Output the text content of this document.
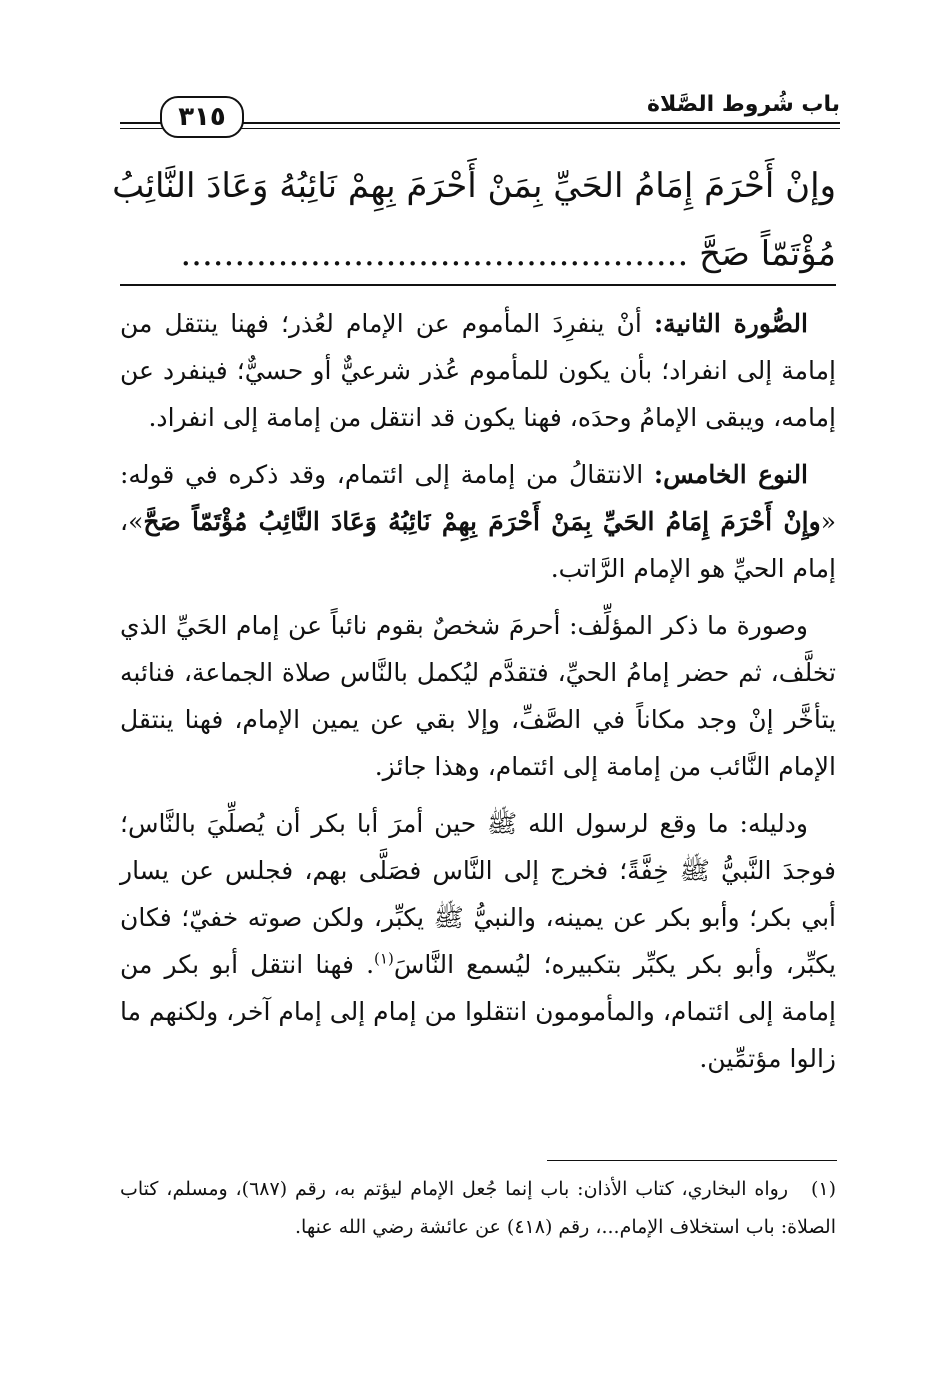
باب شُروط الصَّلاة
٣١٥
وإنْ أَحْرَمَ إِمَامُ الحَيِّ بِمَنْ أَحْرَمَ بِهِمْ نَائِبُهُ وَعَادَ النَّائِبُ
مُؤْتَمّاً صَحَّ ...............................................

الصُّورة الثانية: أنْ ينفرِدَ المأموم عن الإمام لعُذر؛ فهنا ينتقل من إمامة إلى انفراد؛ بأن يكون للمأموم عُذر شرعيٌّ أو حسيٌّ؛ فينفرد عن إمامه، ويبقى الإمامُ وحدَه، فهنا يكون قد انتقل من إمامة إلى انفراد.

النوع الخامس: الانتقالُ من إمامة إلى ائتمام، وقد ذكره في قوله: «وإِنْ أَحْرَمَ إِمَامُ الحَيِّ بِمَنْ أَحْرَمَ بِهِمْ نَائِبُهُ وَعَادَ النَّائِبُ مُؤْتَمّاً صَحَّ»، إمام الحيِّ هو الإمام الرَّاتب.

وصورة ما ذكر المؤلِّف: أحرمَ شخصٌ بقوم نائباً عن إمام الحَيِّ الذي تخلَّف، ثم حضر إمامُ الحيِّ، فتقدَّم ليُكمل بالنَّاس صلاة الجماعة، فنائبه يتأخَّر إنْ وجد مكاناً في الصَّفِّ، وإلا بقي عن يمين الإمام، فهنا ينتقل الإمام النَّائب من إمامة إلى ائتمام، وهذا جائز.

ودليله: ما وقع لرسول الله ﷺ حين أمرَ أبا بكر أن يُصلِّيَ بالنَّاس؛ فوجدَ النَّبيُّ ﷺ خِفَّةً؛ فخرج إلى النَّاس فصَلَّى بهم، فجلس عن يسار أبي بكر؛ وأبو بكر عن يمينه، والنبيُّ ﷺ يكبِّر، ولكن صوته خفيّ؛ فكان يكبِّر، وأبو بكر يكبِّر بتكبيره؛ ليُسمع النَّاسَ$^{(١)}$. فهنا انتقل أبو بكر من إمامة إلى ائتمام، والمأمومون انتقلوا من إمام إلى إمام آخر، ولكنهم ما زالوا مؤتمِّين.

(١)رواه البخاري، كتاب الأذان: باب إنما جُعل الإمام ليؤتم به، رقم (٦٨٧)، ومسلم، كتاب الصلاة: باب استخلاف الإمام...، رقم (٤١٨) عن عائشة رضي الله عنها.
